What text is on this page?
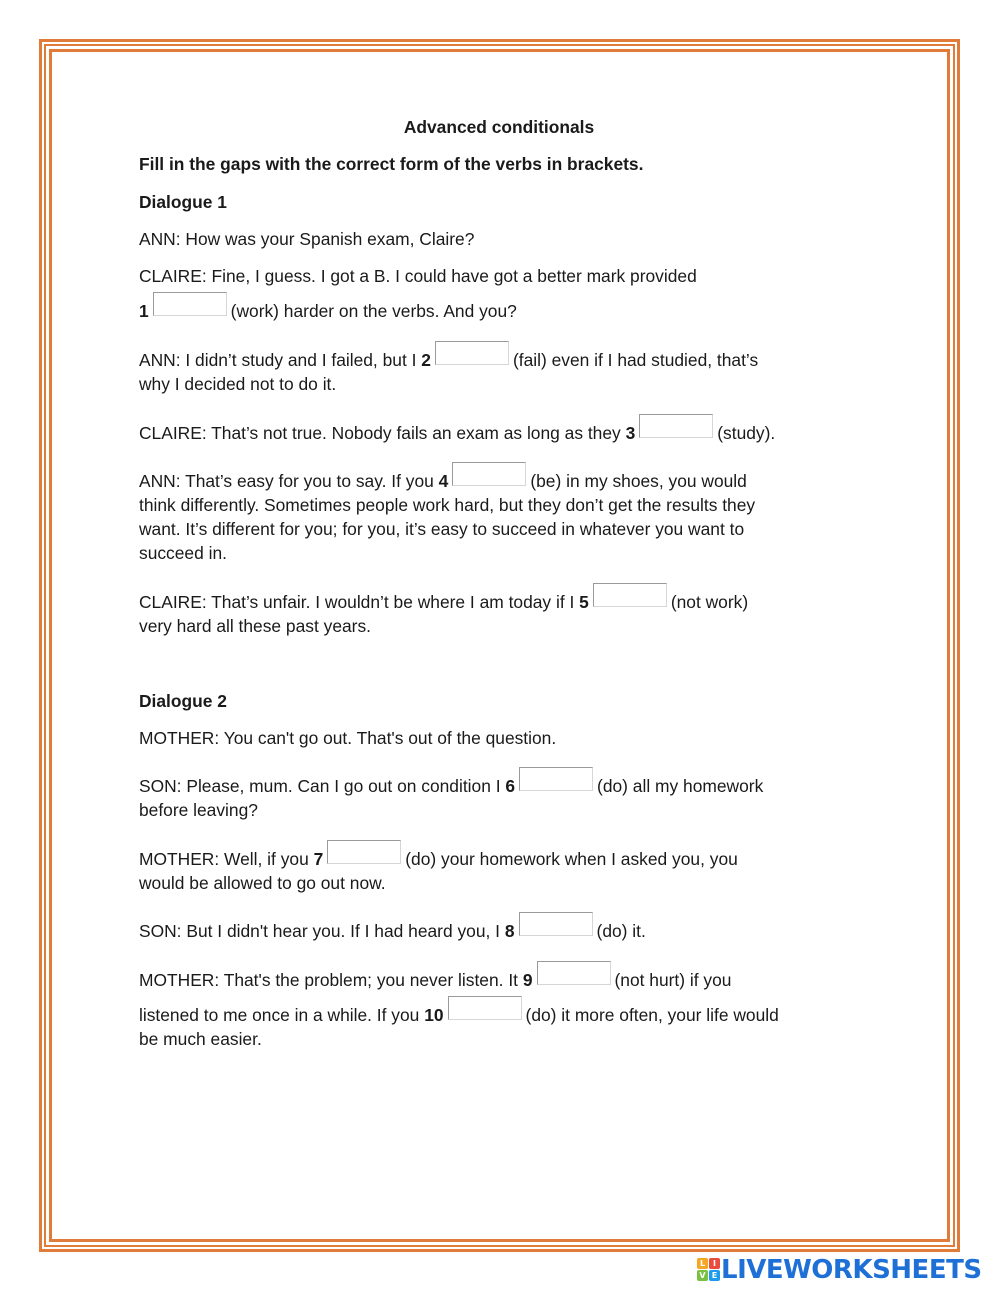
Advanced conditionals
Fill in the gaps with the correct form of the verbs in brackets.
Dialogue 1
ANN: How was your Spanish exam, Claire?
CLAIRE: Fine, I guess. I got a B. I could have got a better mark provided
1	(work) harder on the verbs. And you?
ANN: I didn’t study and I failed, but I 2	(fail) even if I had studied, that’s
why I decided not to do it.
CLAIRE: That’s not true. Nobody fails an exam as long as they 3	(study).
ANN: That’s easy for you to say. If you 4	(be) in my shoes, you would
think differently. Sometimes people work hard, but they don’t get the results they
want. It’s different for you; for you, it’s easy to succeed in whatever you want to
succeed in.
CLAIRE: That’s unfair. I wouldn’t be where I am today if I 5	(not work)
very hard all these past years.
Dialogue 2
MOTHER: You can't go out. That's out of the question.
SON: Please, mum. Can I go out on condition I 6	(do) all my homework
before leaving?
MOTHER: Well, if you 7	(do) your homework when I asked you, you
would be allowed to go out now.
SON: But I didn't hear you. If I had heard you, I 8	(do) it.
MOTHER: That's the problem; you never listen. It 9	(not hurt) if you
listened to me once in a while. If you 10	(do) it more often, your life would
be much easier.
L I
V E LIVEWORKSHEETS
